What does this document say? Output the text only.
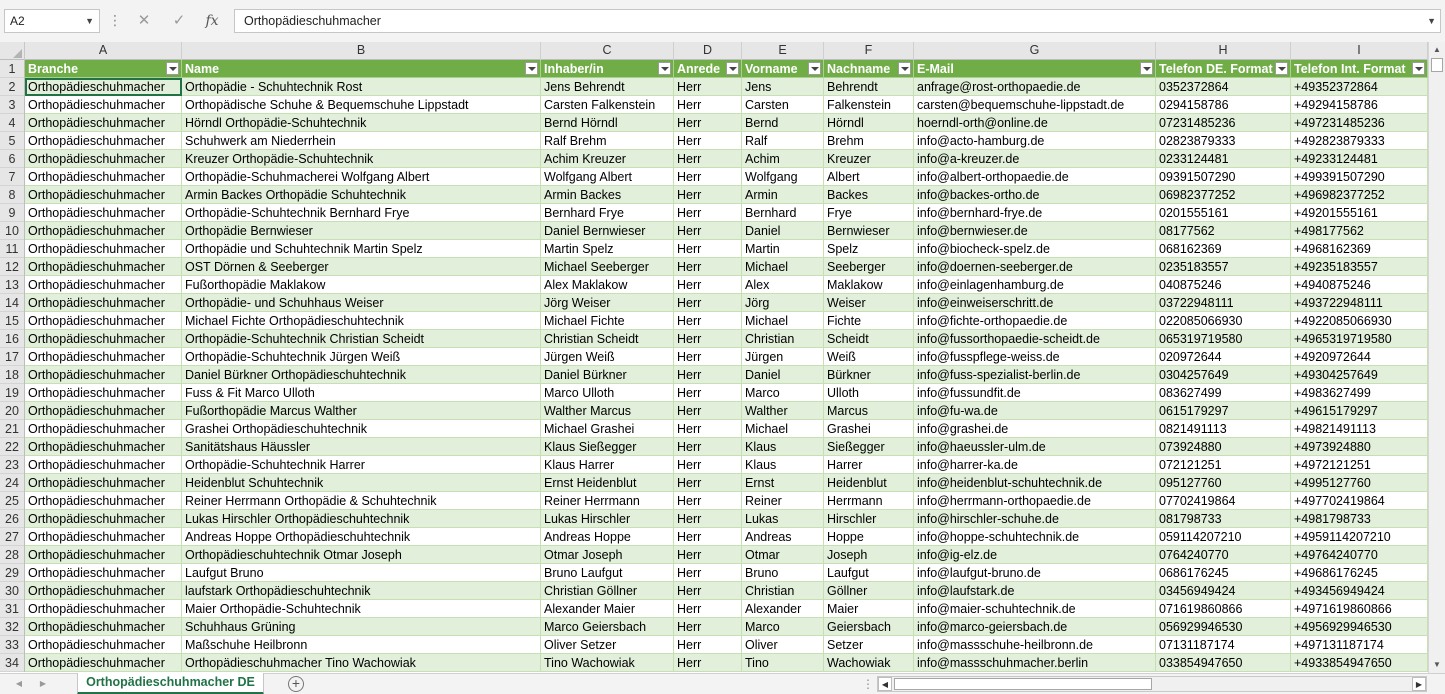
A2	▼ ⋮	✕	✓	fx	Orthopädieschuhmacher	▼
A	B	C	D	E	F	G	H	I
1
2
3
4
5
6
7
8
9
10
11
12
13
14
15
16
17
18
19
20
21
22
23
24
25
26
27
28
29
30
31
32
33
34
Branche	Name	Inhaber/in	Anrede	Vorname	Nachname	E-Mail	Telefon DE. Format	Telefon Int. Format
Orthopädieschuhmacher	Orthopädie - Schuhtechnik Rost	Jens Behrendt	Herr	Jens	Behrendt	anfrage@rost-orthopaedie.de	0352372864	+49352372864
Orthopädieschuhmacher	Orthopädische Schuhe & Bequemschuhe Lippstadt	Carsten Falkenstein	Herr	Carsten	Falkenstein	carsten@bequemschuhe-lippstadt.de	0294158786	+49294158786
Orthopädieschuhmacher	Hörndl Orthopädie-Schuhtechnik	Bernd Hörndl	Herr	Bernd	Hörndl	hoerndl-orth@online.de	07231485236	+497231485236
Orthopädieschuhmacher	Schuhwerk am Niederrhein	Ralf Brehm	Herr	Ralf	Brehm	info@acto-hamburg.de	02823879333	+492823879333
Orthopädieschuhmacher	Kreuzer Orthopädie-Schuhtechnik	Achim Kreuzer	Herr	Achim	Kreuzer	info@a-kreuzer.de	0233124481	+49233124481
Orthopädieschuhmacher	Orthopädie-Schuhmacherei Wolfgang Albert	Wolfgang Albert	Herr	Wolfgang	Albert	info@albert-orthopaedie.de	09391507290	+499391507290
Orthopädieschuhmacher	Armin Backes Orthopädie Schuhtechnik	Armin Backes	Herr	Armin	Backes	info@backes-ortho.de	06982377252	+496982377252
Orthopädieschuhmacher	Orthopädie-Schuhtechnik Bernhard Frye	Bernhard Frye	Herr	Bernhard	Frye	info@bernhard-frye.de	0201555161	+49201555161
Orthopädieschuhmacher	Orthopädie Bernwieser	Daniel Bernwieser	Herr	Daniel	Bernwieser	info@bernwieser.de	08177562	+498177562
Orthopädieschuhmacher	Orthopädie und Schuhtechnik Martin Spelz	Martin Spelz	Herr	Martin	Spelz	info@biocheck-spelz.de	068162369	+4968162369
Orthopädieschuhmacher	OST Dörnen & Seeberger	Michael Seeberger	Herr	Michael	Seeberger	info@doernen-seeberger.de	0235183557	+49235183557
Orthopädieschuhmacher	Fußorthopädie Maklakow	Alex Maklakow	Herr	Alex	Maklakow	info@einlagenhamburg.de	040875246	+4940875246
Orthopädieschuhmacher	Orthopädie- und Schuhhaus Weiser	Jörg Weiser	Herr	Jörg	Weiser	info@einweiserschritt.de	03722948111	+493722948111
Orthopädieschuhmacher	Michael Fichte Orthopädieschuhtechnik	Michael Fichte	Herr	Michael	Fichte	info@fichte-orthopaedie.de	022085066930	+4922085066930
Orthopädieschuhmacher	Orthopädie-Schuhtechnik Christian Scheidt	Christian Scheidt	Herr	Christian	Scheidt	info@fussorthopaedie-scheidt.de	065319719580	+4965319719580
Orthopädieschuhmacher	Orthopädie-Schuhtechnik Jürgen Weiß	Jürgen Weiß	Herr	Jürgen	Weiß	info@fusspflege-weiss.de	020972644	+4920972644
Orthopädieschuhmacher	Daniel Bürkner Orthopädieschuhtechnik	Daniel Bürkner	Herr	Daniel	Bürkner	info@fuss-spezialist-berlin.de	0304257649	+49304257649
Orthopädieschuhmacher	Fuss & Fit Marco Ulloth	Marco Ulloth	Herr	Marco	Ulloth	info@fussundfit.de	083627499	+4983627499
Orthopädieschuhmacher	Fußorthopädie Marcus Walther	Walther Marcus	Herr	Walther	Marcus	info@fu-wa.de	0615179297	+49615179297
Orthopädieschuhmacher	Grashei Orthopädieschuhtechnik	Michael Grashei	Herr	Michael	Grashei	info@grashei.de	0821491113	+49821491113
Orthopädieschuhmacher	Sanitätshaus Häussler	Klaus Sießegger	Herr	Klaus	Sießegger	info@haeussler-ulm.de	073924880	+4973924880
Orthopädieschuhmacher	Orthopädie-Schuhtechnik Harrer	Klaus Harrer	Herr	Klaus	Harrer	info@harrer-ka.de	072121251	+4972121251
Orthopädieschuhmacher	Heidenblut Schuhtechnik	Ernst Heidenblut	Herr	Ernst	Heidenblut	info@heidenblut-schuhtechnik.de	095127760	+4995127760
Orthopädieschuhmacher	Reiner Herrmann Orthopädie & Schuhtechnik	Reiner Herrmann	Herr	Reiner	Herrmann	info@herrmann-orthopaedie.de	07702419864	+497702419864
Orthopädieschuhmacher	Lukas Hirschler Orthopädieschuhtechnik	Lukas Hirschler	Herr	Lukas	Hirschler	info@hirschler-schuhe.de	081798733	+4981798733
Orthopädieschuhmacher	Andreas Hoppe Orthopädieschuhtechnik	Andreas Hoppe	Herr	Andreas	Hoppe	info@hoppe-schuhtechnik.de	059114207210	+4959114207210
Orthopädieschuhmacher	Orthopädieschuhtechnik Otmar Joseph	Otmar Joseph	Herr	Otmar	Joseph	info@ig-elz.de	0764240770	+49764240770
Orthopädieschuhmacher	Laufgut Bruno	Bruno Laufgut	Herr	Bruno	Laufgut	info@laufgut-bruno.de	0686176245	+49686176245
Orthopädieschuhmacher	laufstark Orthopädieschuhtechnik	Christian Göllner	Herr	Christian	Göllner	info@laufstark.de	03456949424	+493456949424
Orthopädieschuhmacher	Maier Orthopädie-Schuhtechnik	Alexander Maier	Herr	Alexander	Maier	info@maier-schuhtechnik.de	071619860866	+4971619860866
Orthopädieschuhmacher	Schuhhaus Grüning	Marco Geiersbach	Herr	Marco	Geiersbach	info@marco-geiersbach.de	056929946530	+4956929946530
Orthopädieschuhmacher	Maßschuhe Heilbronn	Oliver Setzer	Herr	Oliver	Setzer	info@massschuhe-heilbronn.de	07131187174	+497131187174
Orthopädieschuhmacher	Orthopädieschuhmacher Tino Wachowiak	Tino Wachowiak	Herr	Tino	Wachowiak	info@massschuhmacher.berlin	033854947650	+4933854947650
▲
▼
◀	▶	Orthopädieschuhmacher DE	+	⋮ ◀	▶
